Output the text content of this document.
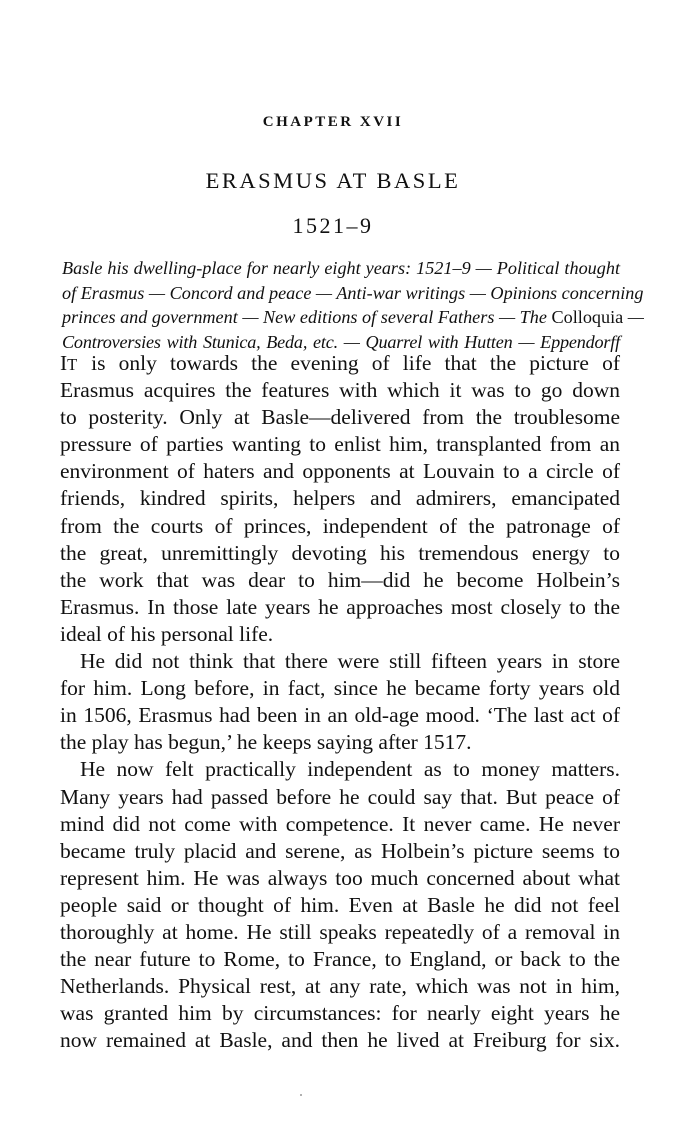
CHAPTER XVII
ERASMUS AT BASLE
1521–9
Basle his dwelling-place for nearly eight years: 1521–9 — Political thought
of Erasmus — Concord and peace — Anti-war writings — Opinions concerning
princes and government — New editions of several Fathers — The Colloquia —
Controversies with Stunica, Beda, etc. — Quarrel with Hutten — Eppendorff
IT is only towards the evening of life that the picture of
Erasmus acquires the features with which it was to go down
to posterity. Only at Basle—delivered from the troublesome
pressure of parties wanting to enlist him, transplanted from an
environment of haters and opponents at Louvain to a circle of
friends, kindred spirits, helpers and admirers, emancipated
from the courts of princes, independent of the patronage of
the great, unremittingly devoting his tremendous energy to
the work that was dear to him—did he become Holbein’s
Erasmus. In those late years he approaches most closely to the
ideal of his personal life.
He did not think that there were still fifteen years in store
for him. Long before, in fact, since he became forty years old
in 1506, Erasmus had been in an old-age mood. ‘The last act of
the play has begun,’ he keeps saying after 1517.
He now felt practically independent as to money matters.
Many years had passed before he could say that. But peace of
mind did not come with competence. It never came. He never
became truly placid and serene, as Holbein’s picture seems to
represent him. He was always too much concerned about what
people said or thought of him. Even at Basle he did not feel
thoroughly at home. He still speaks repeatedly of a removal in
the near future to Rome, to France, to England, or back to the
Netherlands. Physical rest, at any rate, which was not in him,
was granted him by circumstances: for nearly eight years he
now remained at Basle, and then he lived at Freiburg for six.
